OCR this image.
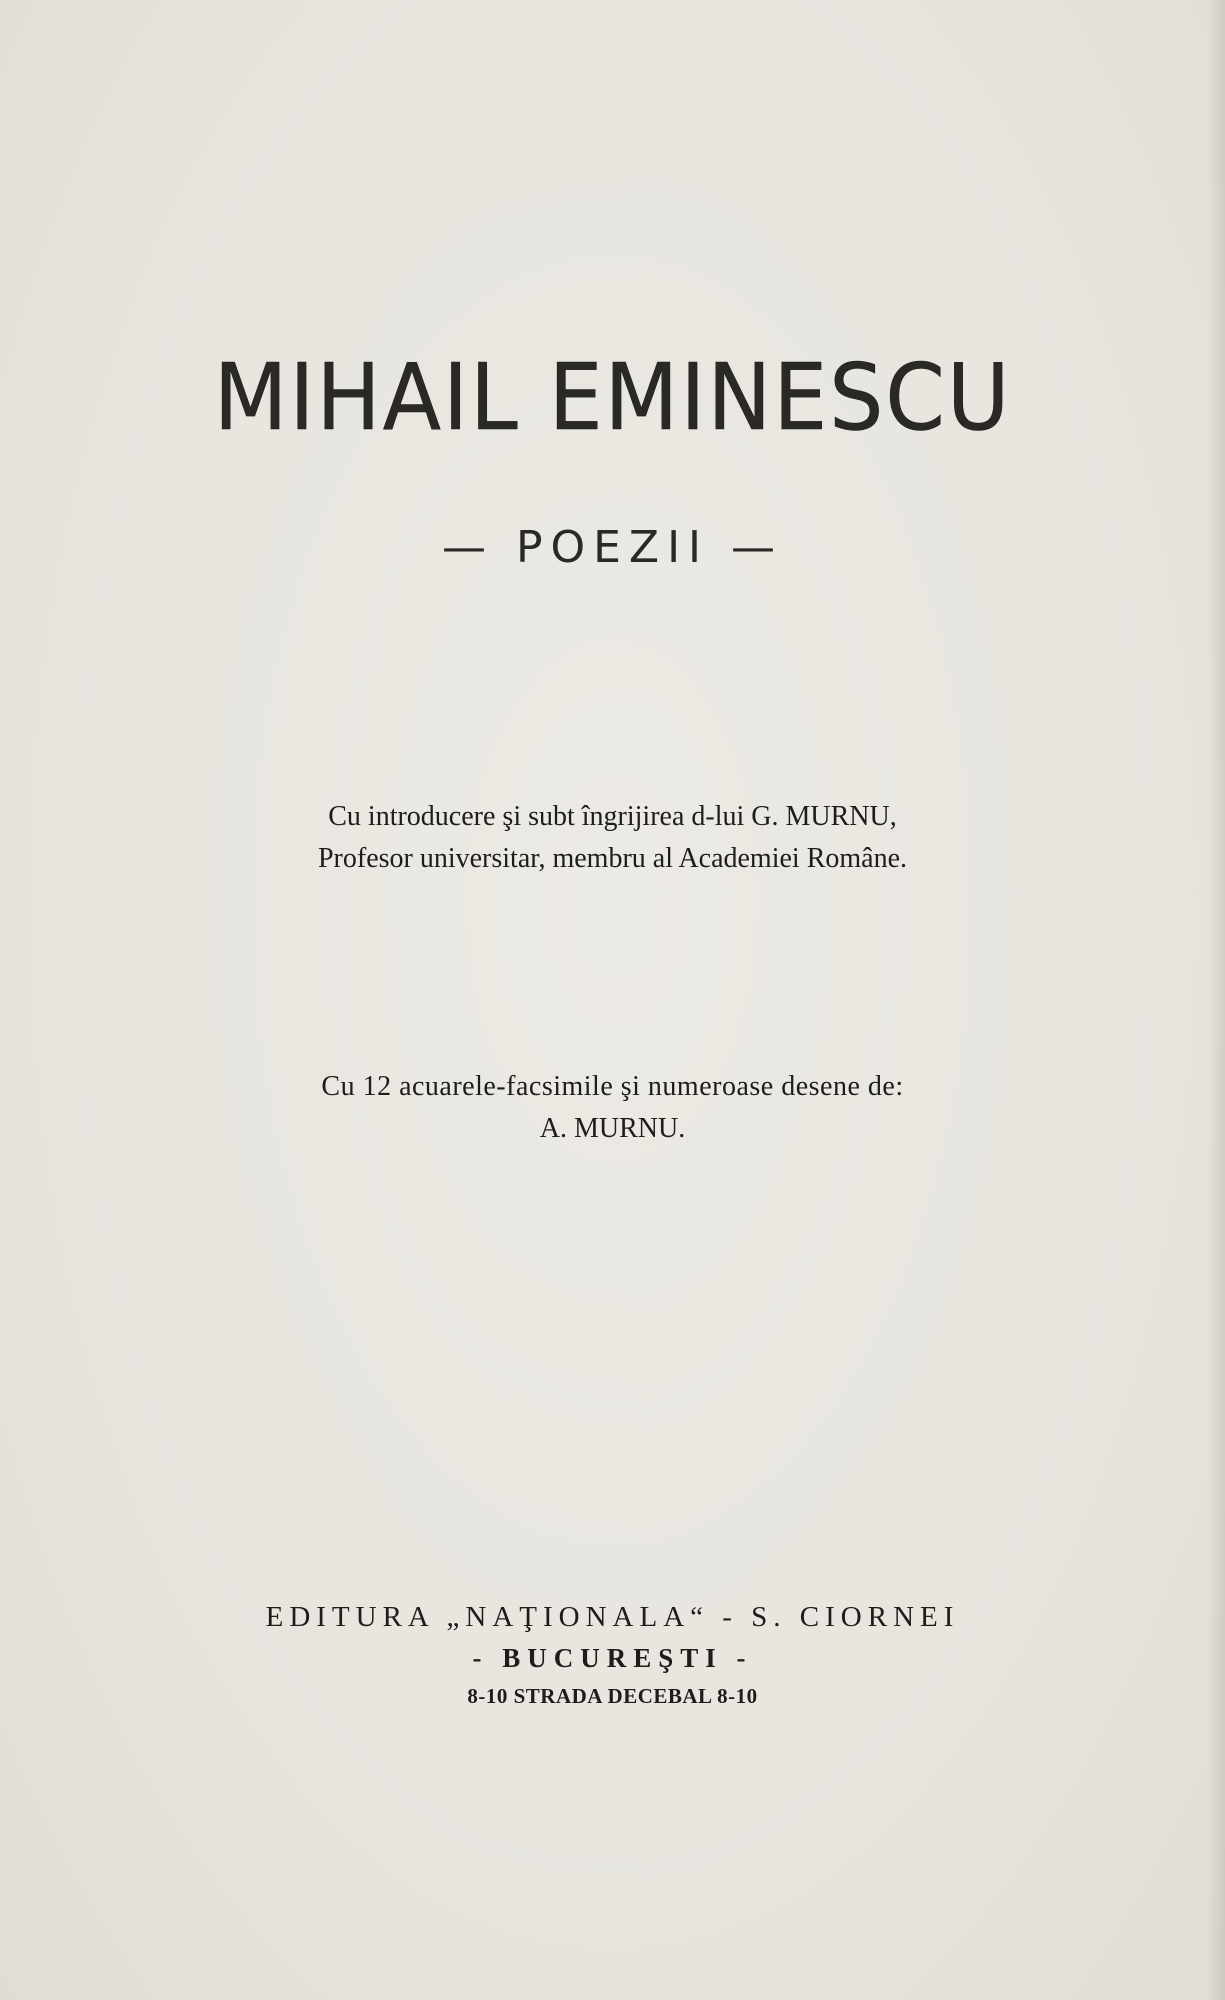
MIHAIL EMINESCU
— POEZII —
Cu introducere şi subt îngrijirea d-lui G. MURNU,
Profesor universitar, membru al Academiei Române.
Cu 12 acuarele-facsimile şi numeroase desene de:
A. MURNU.
EDITURA „NAŢIONALA“ - S. CIORNEI
- BUCUREŞTI -
8-10 STRADA DECEBAL 8-10
